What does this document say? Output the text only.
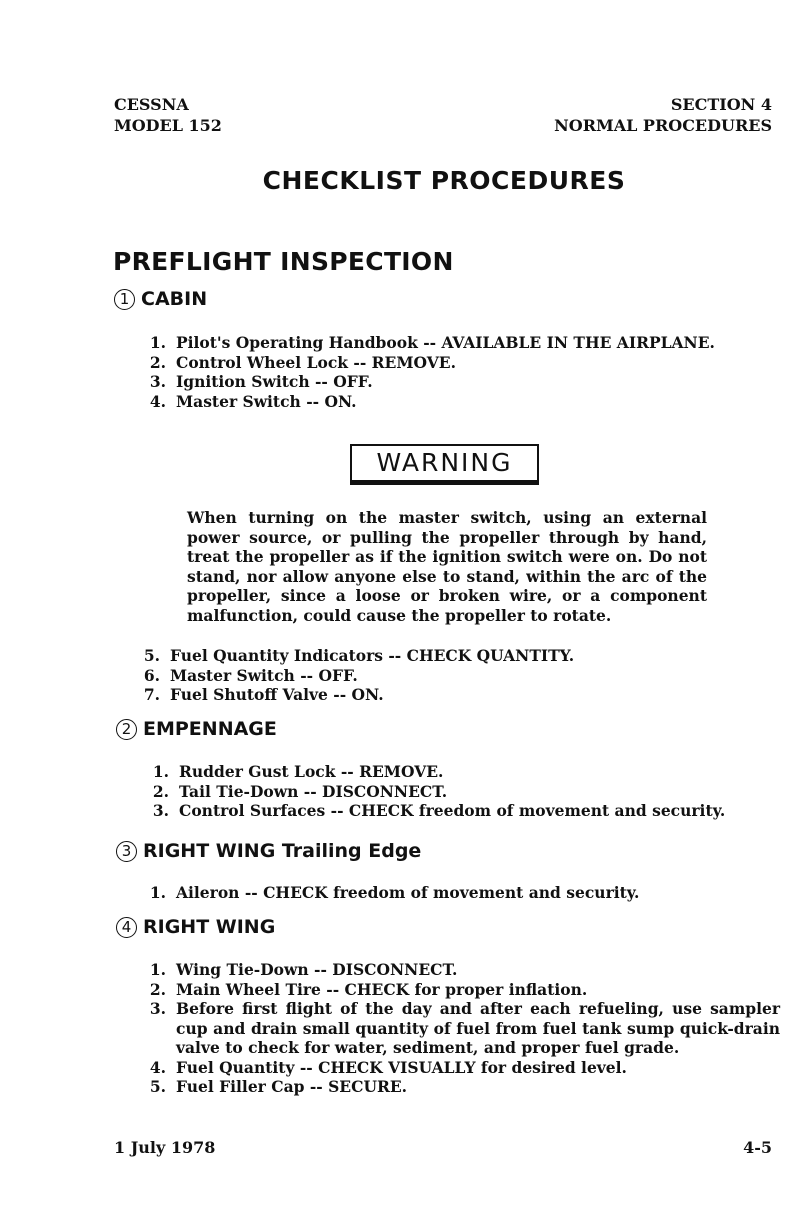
CESSNA
MODEL 152
SECTION 4
NORMAL PROCEDURES
CHECKLIST PROCEDURES
PREFLIGHT INSPECTION
1 CABIN
1. Pilot's Operating Handbook -- AVAILABLE IN THE AIRPLANE.
2. Control Wheel Lock -- REMOVE.
3. Ignition Switch -- OFF.
4. Master Switch -- ON.
WARNING
When turning on the master switch, using an external power source, or pulling the propeller through by hand, treat the propeller as if the ignition switch were on. Do not stand, nor allow anyone else to stand, within the arc of the propeller, since a loose or broken wire, or a component malfunction, could cause the propeller to rotate.
5. Fuel Quantity Indicators -- CHECK QUANTITY.
6. Master Switch -- OFF.
7. Fuel Shutoff Valve -- ON.
2 EMPENNAGE
1. Rudder Gust Lock -- REMOVE.
2. Tail Tie-Down -- DISCONNECT.
3. Control Surfaces -- CHECK freedom of movement and security.
3 RIGHT WING Trailing Edge
1. Aileron -- CHECK freedom of movement and security.
4 RIGHT WING
1. Wing Tie-Down -- DISCONNECT.
2. Main Wheel Tire -- CHECK for proper inflation.
3. Before first flight of the day and after each refueling, use sampler cup and drain small quantity of fuel from fuel tank sump quick-drain valve to check for water, sediment, and proper fuel grade.
4. Fuel Quantity -- CHECK VISUALLY for desired level.
5. Fuel Filler Cap -- SECURE.
1 July 1978	4-5
